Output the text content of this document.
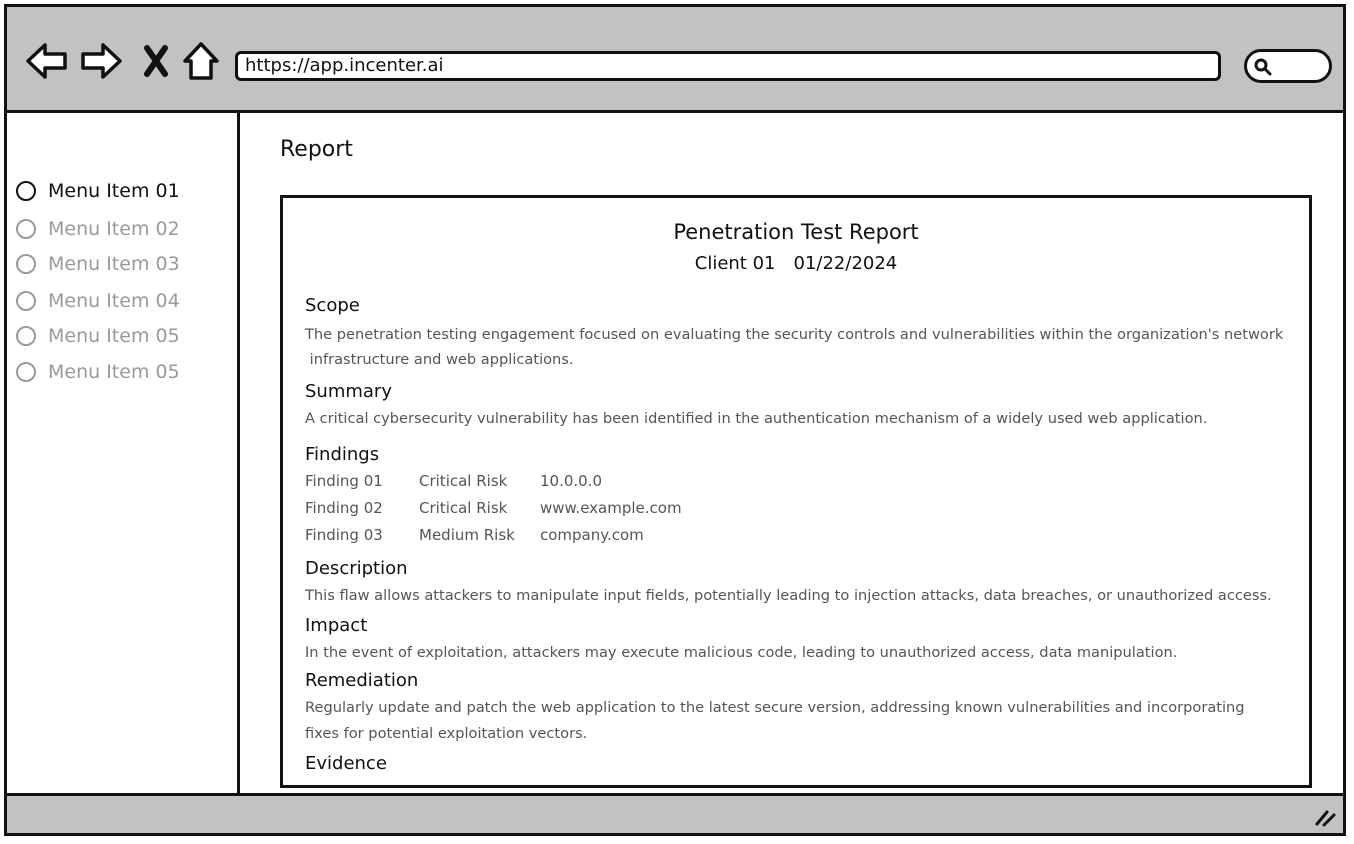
https://app.incenter.ai
Menu Item 01
Menu Item 02
Menu Item 03
Menu Item 04
Menu Item 05
Menu Item 05
Report
Penetration Test Report
Client 01 01/22/2024
Scope
The penetration testing engagement focused on evaluating the security controls and vulnerabilities within the organization's network
infrastructure and web applications.
Summary
A critical cybersecurity vulnerability has been identified in the authentication mechanism of a widely used web application.
Findings
Finding 01 Critical Risk 10.0.0.0
Finding 02 Critical Risk www.example.com
Finding 03 Medium Risk company.com
Description
This flaw allows attackers to manipulate input fields, potentially leading to injection attacks, data breaches, or unauthorized access.
Impact
In the event of exploitation, attackers may execute malicious code, leading to unauthorized access, data manipulation.
Remediation
Regularly update and patch the web application to the latest secure version, addressing known vulnerabilities and incorporating
fixes for potential exploitation vectors.
Evidence
